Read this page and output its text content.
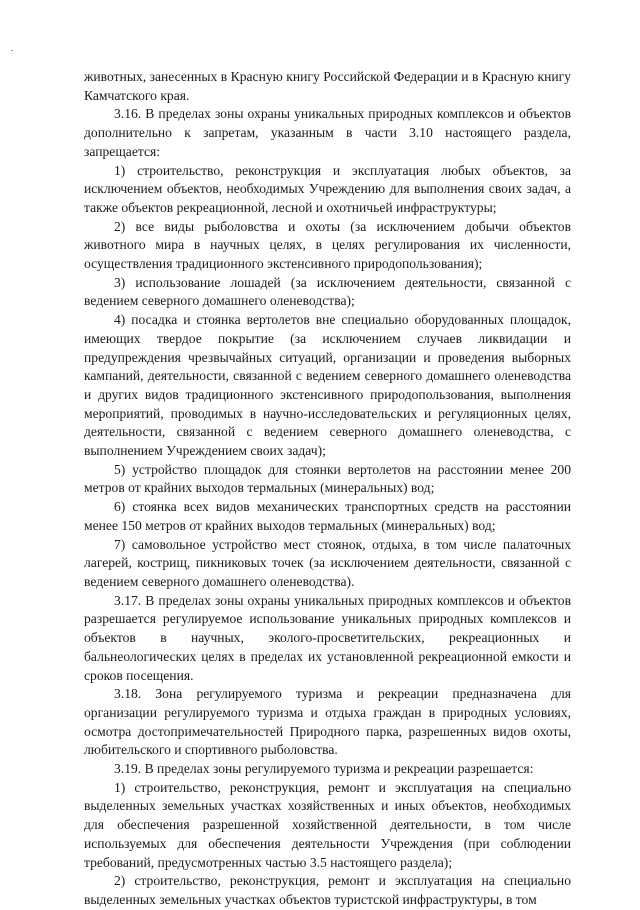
животных, занесенных в Красную книгу Российской Федерации и в Красную книгу Камчатского края.

3.16. В пределах зоны охраны уникальных природных комплексов и объектов дополнительно к запретам, указанным в части 3.10 настоящего раздела, запрещается:

1) строительство, реконструкция и эксплуатация любых объектов, за исключением объектов, необходимых Учреждению для выполнения своих задач, а также объектов рекреационной, лесной и охотничьей инфраструктуры;

2) все виды рыболовства и охоты (за исключением добычи объектов животного мира в научных целях, в целях регулирования их численности, осуществления традиционного экстенсивного природопользования);

3) использование лошадей (за исключением деятельности, связанной с ведением северного домашнего оленеводства);

4) посадка и стоянка вертолетов вне специально оборудованных площадок, имеющих твердое покрытие (за исключением случаев ликвидации и предупреждения чрезвычайных ситуаций, организации и проведения выборных кампаний, деятельности, связанной с ведением северного домашнего оленеводства и других видов традиционного экстенсивного природопользования, выполнения мероприятий, проводимых в научно-исследовательских и регуляционных целях, деятельности, связанной с ведением северного домашнего оленеводства, с выполнением Учреждением своих задач);

5) устройство площадок для стоянки вертолетов на расстоянии менее 200 метров от крайних выходов термальных (минеральных) вод;

6) стоянка всех видов механических транспортных средств на расстоянии менее 150 метров от крайних выходов термальных (минеральных) вод;

7) самовольное устройство мест стоянок, отдыха, в том числе палаточных лагерей, кострищ, пикниковых точек (за исключением деятельности, связанной с ведением северного домашнего оленеводства).

3.17. В пределах зоны охраны уникальных природных комплексов и объектов разрешается регулируемое использование уникальных природных комплексов и объектов в научных, эколого-просветительских, рекреационных и бальнеологических целях в пределах их установленной рекреационной емкости и сроков посещения.

3.18. Зона регулируемого туризма и рекреации предназначена для организации регулируемого туризма и отдыха граждан в природных условиях, осмотра достопримечательностей Природного парка, разрешенных видов охоты, любительского и спортивного рыболовства.

3.19. В пределах зоны регулируемого туризма и рекреации разрешается:

1) строительство, реконструкция, ремонт и эксплуатация на специально выделенных земельных участках хозяйственных и иных объектов, необходимых для обеспечения разрешенной хозяйственной деятельности, в том числе используемых для обеспечения деятельности Учреждения (при соблюдении требований, предусмотренных частью 3.5 настоящего раздела);

2) строительство, реконструкция, ремонт и эксплуатация на специально выделенных земельных участках объектов туристской инфраструктуры, в том
